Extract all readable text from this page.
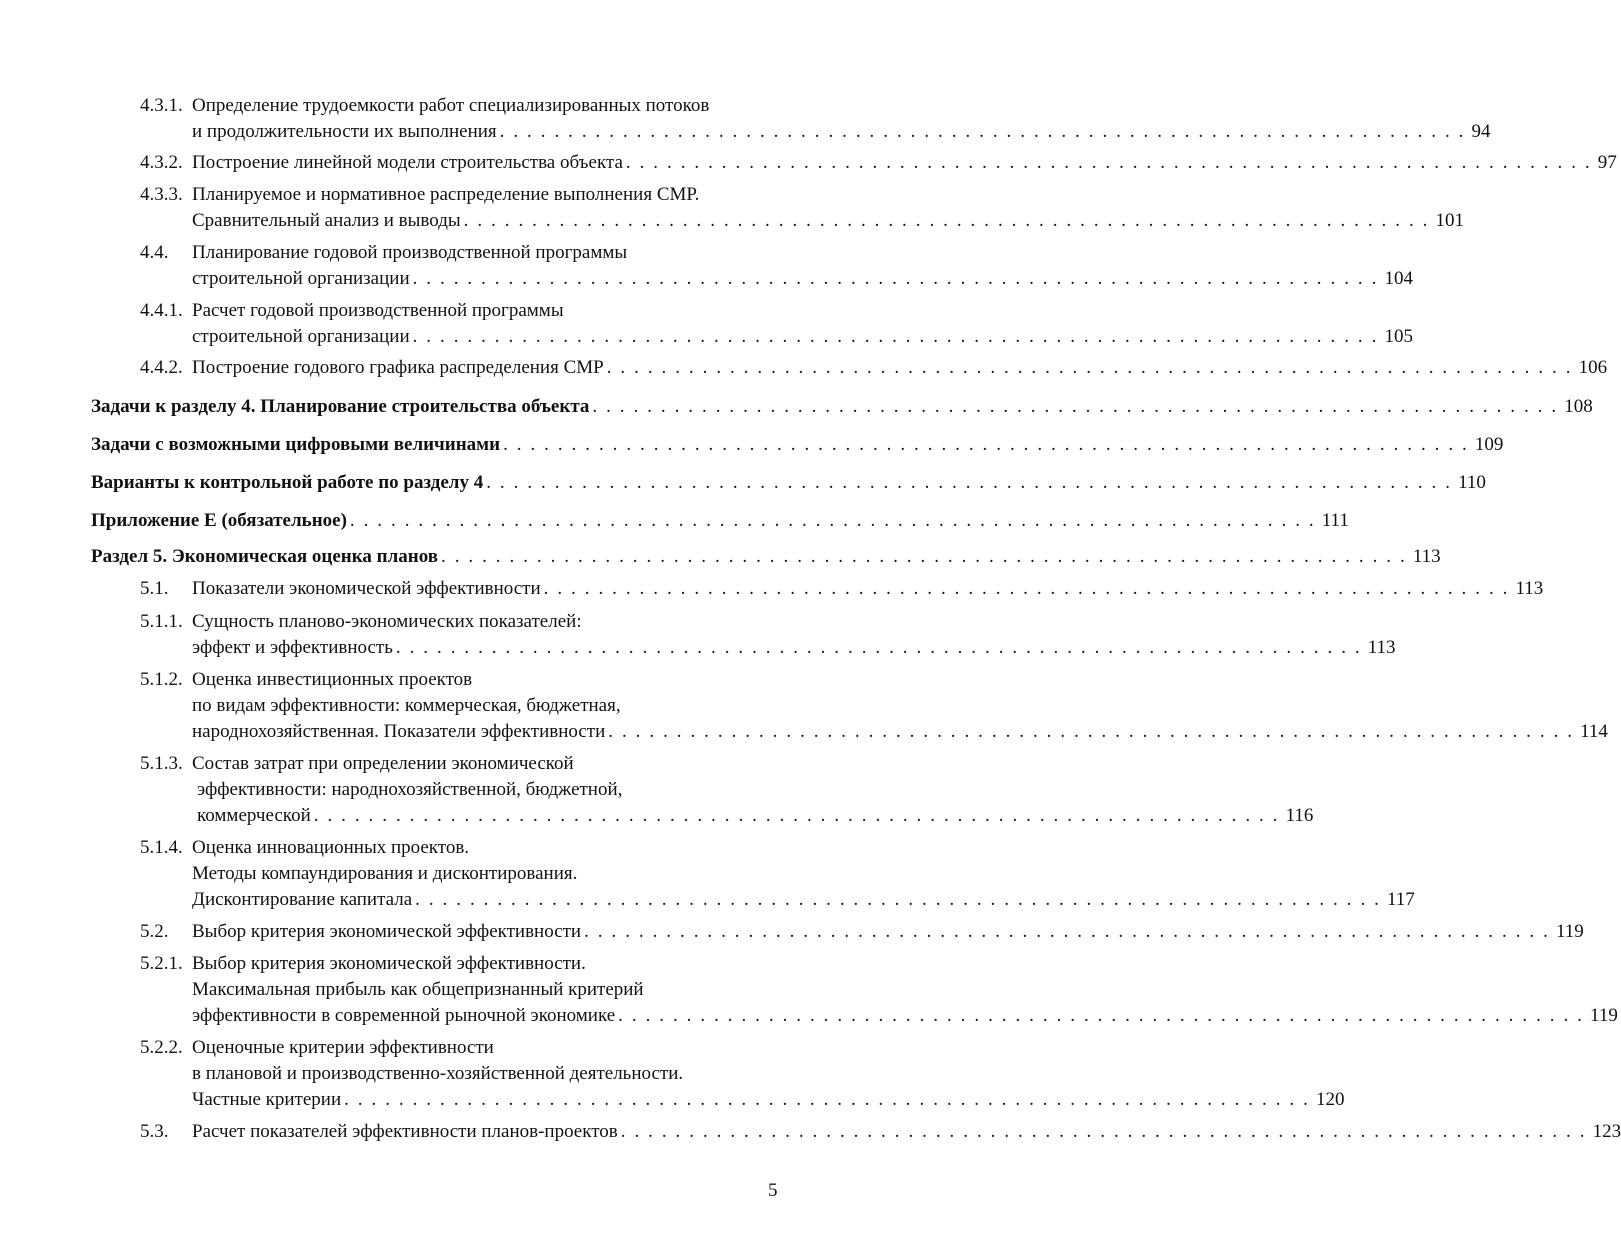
4.3.1. Определение трудоемкости работ специализированных потоков
и продолжительности их выполнения . . . . . . . . . . . . . . . . . . . . . . . . . . . . . . . . . . . . . . . . . . . . . . . . . . . . . . . . . . . . . . . . . . . . . . . 94
4.3.2. Построение линейной модели строительства объекта . . . . . . . . . . . . . . . . . . . . . . . . . . . . . . . . . . . . . . . . . . . . . . . . . . . . . . . . . . . . . . . . . . . . . . . 97
4.3.3. Планируемое и нормативное распределение выполнения СМР.
Сравнительный анализ и выводы . . . . . . . . . . . . . . . . . . . . . . . . . . . . . . . . . . . . . . . . . . . . . . . . . . . . . . . . . . . . . . . . . . . . . . . 101
4.4. Планирование годовой производственной программы
строительной организации . . . . . . . . . . . . . . . . . . . . . . . . . . . . . . . . . . . . . . . . . . . . . . . . . . . . . . . . . . . . . . . . . . . . . . . 104
4.4.1. Расчет годовой производственной программы
строительной организации . . . . . . . . . . . . . . . . . . . . . . . . . . . . . . . . . . . . . . . . . . . . . . . . . . . . . . . . . . . . . . . . . . . . . . . 105
4.4.2. Построение годового графика распределения СМР . . . . . . . . . . . . . . . . . . . . . . . . . . . . . . . . . . . . . . . . . . . . . . . . . . . . . . . . . . . . . . . . . . . . . . . 106
Задачи к разделу 4. Планирование строительства объекта . . . . . . . . . . . . . . . . . . . . . . . . . . . . . . . . . . . . . . . . . . . . . . . . . . . . . . . . . . . . . . . . . . . . . . . 108
Задачи с возможными цифровыми величинами . . . . . . . . . . . . . . . . . . . . . . . . . . . . . . . . . . . . . . . . . . . . . . . . . . . . . . . . . . . . . . . . . . . . . . . 109
Варианты к контрольной работе по разделу 4 . . . . . . . . . . . . . . . . . . . . . . . . . . . . . . . . . . . . . . . . . . . . . . . . . . . . . . . . . . . . . . . . . . . . . . . 110
Приложение Е (обязательное) . . . . . . . . . . . . . . . . . . . . . . . . . . . . . . . . . . . . . . . . . . . . . . . . . . . . . . . . . . . . . . . . . . . . . . . 111
Раздел 5. Экономическая оценка планов . . . . . . . . . . . . . . . . . . . . . . . . . . . . . . . . . . . . . . . . . . . . . . . . . . . . . . . . . . . . . . . . . . . . . . . 113
5.1. Показатели экономической эффективности . . . . . . . . . . . . . . . . . . . . . . . . . . . . . . . . . . . . . . . . . . . . . . . . . . . . . . . . . . . . . . . . . . . . . . . 113
5.1.1. Сущность планово-экономических показателей:
эффект и эффективность . . . . . . . . . . . . . . . . . . . . . . . . . . . . . . . . . . . . . . . . . . . . . . . . . . . . . . . . . . . . . . . . . . . . . . . 113
5.1.2. Оценка инвестиционных проектов
по видам эффективности: коммерческая, бюджетная,
народнохозяйственная. Показатели эффективности . . . . . . . . . . . . . . . . . . . . . . . . . . . . . . . . . . . . . . . . . . . . . . . . . . . . . . . . . . . . . . . . . . . . . . . 114
5.1.3. Состав затрат при определении экономической
эффективности: народнохозяйственной, бюджетной,
коммерческой . . . . . . . . . . . . . . . . . . . . . . . . . . . . . . . . . . . . . . . . . . . . . . . . . . . . . . . . . . . . . . . . . . . . . . . 116
5.1.4. Оценка инновационных проектов.
Методы компаундирования и дисконтирования.
Дисконтирование капитала . . . . . . . . . . . . . . . . . . . . . . . . . . . . . . . . . . . . . . . . . . . . . . . . . . . . . . . . . . . . . . . . . . . . . . . 117
5.2. Выбор критерия экономической эффективности . . . . . . . . . . . . . . . . . . . . . . . . . . . . . . . . . . . . . . . . . . . . . . . . . . . . . . . . . . . . . . . . . . . . . . . 119
5.2.1. Выбор критерия экономической эффективности.
Максимальная прибыль как общепризнанный критерий
эффективности в современной рыночной экономике . . . . . . . . . . . . . . . . . . . . . . . . . . . . . . . . . . . . . . . . . . . . . . . . . . . . . . . . . . . . . . . . . . . . . . . 119
5.2.2. Оценочные критерии эффективности
в плановой и производственно-хозяйственной деятельности.
Частные критерии . . . . . . . . . . . . . . . . . . . . . . . . . . . . . . . . . . . . . . . . . . . . . . . . . . . . . . . . . . . . . . . . . . . . . . . 120
5.3. Расчет показателей эффективности планов-проектов . . . . . . . . . . . . . . . . . . . . . . . . . . . . . . . . . . . . . . . . . . . . . . . . . . . . . . . . . . . . . . . . . . . . . . . 123
5
